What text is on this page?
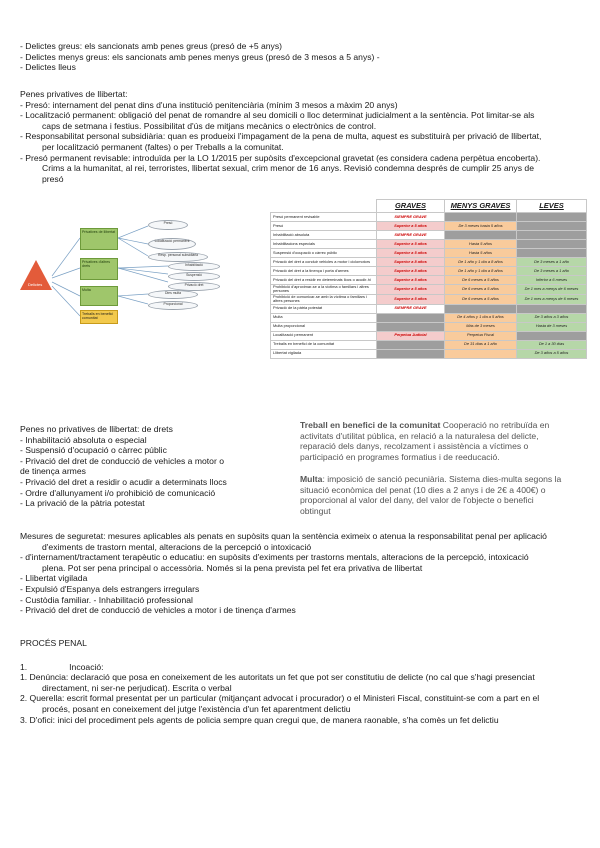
- Delictes greus: els sancionats amb penes greus (presó de +5 anys)
- Delictes menys greus: els sancionats amb penes menys greus (presó de 3 mesos a 5 anys) -
- Delictes lleus
Penes privatives de llibertat:
- Presó: internament del penat dins d'una institució penitenciària (mínim 3 mesos a màxim 20 anys)
- Localització permanent: obligació del penat de romandre al seu domicili o lloc determinat judicialment a la sentència. Pot limitar-se als
caps de setmana i festius. Possibilitat d'ús de mitjans mecànics o electrònics de control.
- Responsabilitat personal subsidiària: quan es produeixi l'impagament de la pena de multa, aquest es substituirà per privació de llibertat,
per localització permanent (faltes) o per Treballs a la comunitat.
- Presó permanent revisable: introduïda per la LO 1/2015 per supòsits d'excepcional gravetat (es considera cadena perpètua encoberta).
Crims a la humanitat, al rei, terroristes, llibertat sexual, crim menor de 16 anys. Revisió condemna després de cumplir 25 anys de
presó
Delictes
Privatives de llibertat
Privatives d'altres drets
Multa
Treballs en benefici comunitat
Presó
Localització permanent
Resp. personal subsidiària
Inhabilitació
Suspensió
Privació dret
Dies multa
Proporcional
	GRAVES	MENYS GRAVES	LEVES
Presó permanent revisable	SIEMPRE GRAVE		
Presó	Superior a 5 años	De 3 meses hasta 5 años	
Inhabilitació absoluta	SIEMPRE GRAVE		
Inhabilitacions especials	Superior a 5 años	Hasta 5 años	
Suspensió d'ocupació o càrrec públic	Superior a 5 años	Hasta 5 años	
Privació del dret a conduir vehicles a motor i ciclomotors	Superior a 8 años	De 1 año y 1 día a 8 años	De 3 meses a 1 año
Privació del dret a la tinença i porta d'armes	Superior a 8 años	De 1 año y 1 día a 8 años	De 3 meses a 1 año
Privació del dret a residir en determinats llocs o acudir-hi	Superior a 5 años	De 6 meses a 5 años	Inferior a 6 meses
Prohibició d'aproximar-se a la víctima o familiars i altres persones	Superior a 5 años	De 6 meses a 5 años	De 1 mes a menys de 6 meses
Prohibició de comunicar-se amb la víctima o familiars i altres persones	Superior a 5 años	De 6 meses a 5 años	De 1 mes a menys de 6 meses
Privació de la pàtria potestat	SIEMPRE GRAVE		
Multa		De 4 años y 1 día a 5 años	De 3 años a 3 años
Multa proporcional		Más de 3 meses	Hasta de 3 meses
Localització permanent	Perpetua Judicial	Perpetua Fiscal	
Treballs en benefici de la comunitat		De 31 días a 1 año	De 1 a 30 días
Llibertat vigilada			De 3 años a 5 años
Penes no privatives de llibertat: de drets
- Inhabilitació absoluta o especial
- Suspensió d'ocupació o càrrec públic
- Privació del dret de conducció de vehicles a motor o
de tinença armes
- Privació del dret a residir o acudir a determinats llocs
- Ordre d'allunyament i/o prohibició de comunicació
- La privació de la pàtria potestat
Treball en benefici de la comunitat Cooperació no retribuïda en
activitats d'utilitat pública, en relació a la naturalesa del delicte,
reparació dels danys, recolzament i assistència a víctimes o
participació en programes formatius i de reeducació.
Multa: imposició de sanció pecuniària. Sistema dies-multa segons la
situació econòmica del penat (10 dies a 2 anys i de 2€ a 400€) o
proporcional al valor del dany, del valor de l'objecte o benefici
obtingut
Mesures de seguretat: mesures aplicables als penats en supòsits quan la sentència eximeix o atenua la responsabilitat penal per aplicació
d'eximents de trastorn mental, alteracions de la percepció o intoxicació
- d'internament/tractament terapèutic o educatiu: en supòsits d'eximents per trastorns mentals, alteracions de la percepció, intoxicació
plena. Pot ser pena principal o accessòria. Només si la pena prevista pel fet era privativa de llibertat
- Llibertat vigilada
- Expulsió d'Espanya dels estrangers irregulars
- Custòdia familiar. - Inhabilitació professional
- Privació del dret de conducció de vehicles a motor i de tinença d'armes
PROCÉS PENAL
1.	Incoació:
1. Denúncia: declaració que posa en coneixement de les autoritats un fet que pot ser constitutiu de delicte (no cal que s'hagi presenciat
directament, ni ser-ne perjudicat). Escrita o verbal
2. Querella: escrit formal presentat per un particular (mitjançant advocat i procurador) o el Ministeri Fiscal, constituint-se com a part en el
procés, posant en coneixement del jutge l'existència d'un fet aparentment delictiu
3. D'ofici: inici del procediment pels agents de policia sempre quan cregui que, de manera raonable, s'ha comès un fet delictiu
